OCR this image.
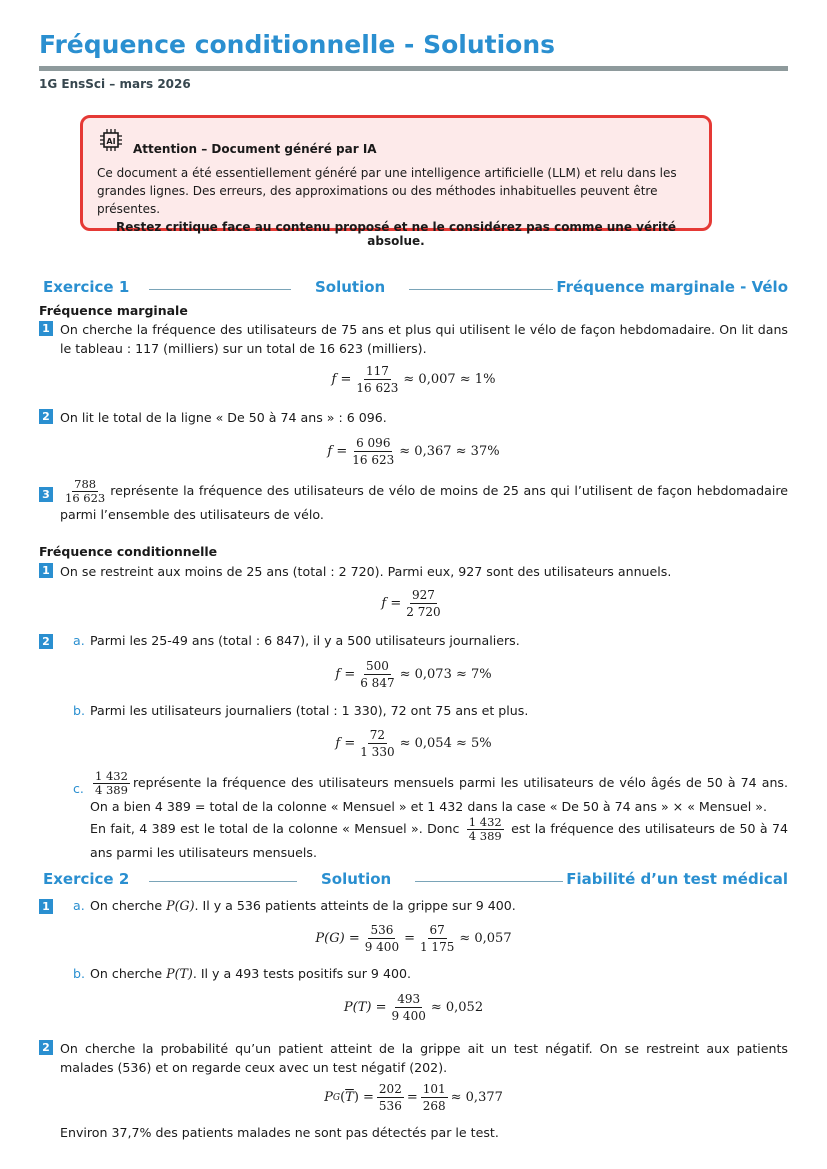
Fréquence conditionnelle - Solutions
1G EnsSci – mars 2026
AI
Attention – Document généré par IA
Ce document a été essentiellement généré par une intelligence artificielle (LLM) et relu dans les grandes lignes. Des erreurs, des approximations ou des méthodes inhabituelles peuvent être présentes.
Restez critique face au contenu proposé et ne le considérez pas comme une vérité absolue.
Exercice 1	Solution	Fréquence marginale - Vélo
Fréquence marginale
1 On cherche la fréquence des utilisateurs de 75 ans et plus qui utilisent le vélo de façon hebdomadaire. On lit dans le tableau : 117 (milliers) sur un total de 16 623 (milliers).
f
= $\frac{117}{16 623} \approx 0,007 \approx 1\%$
2 On lit le total de la ligne « De 50 à 74 ans » : 6 096.
f
= $\frac{6 096}{16 623} \approx 0,367 \approx 37\%$
$3 \frac{788}{16 623}$ représente la fréquence des utilisateurs de vélo de moins de 25 ans qui l’utilisent de façon hebdomadaire parmi l’ensemble des utilisateurs de vélo.
Fréquence conditionnelle
1 On se restreint aux moins de 25 ans (total : 2 720). Parmi eux, 927 sont des utilisateurs annuels.
f
= $\frac{927}{2 720}$
2 a. Parmi les 25-49 ans (total : 6 847), il y a 500 utilisateurs journaliers.
f
= $\frac{500}{6 847} \approx 0,073 \approx 7\%$
b. Parmi les utilisateurs journaliers (total : 1 330), 72 ont 75 ans et plus.
f
= $\frac{72}{1 330} \approx 0,054 \approx 5\%$
c. $\frac{1 432}{4 389}$ représente la fréquence des utilisateurs mensuels parmi les utilisateurs de vélo âgés de 50 à 74 ans. On a bien 4 389 = total de la colonne « Mensuel » et 1 432 dans la case « De 50 à 74 ans » × « Mensuel ».
En fait, 4 389 est le total de la colonne « Mensuel ». Donc $\frac{1 432}{4 389}$ est la fréquence des utilisateurs de 50 à 74 ans parmi les utilisateurs mensuels.
Exercice 2	Solution	Fiabilité d’un test médical
1 a. On cherche P(G). Il y a 536 patients atteints de la grippe sur 9 400.
$P(G) = \frac{536}{9 400} = \frac{67}{1 175} \approx 0,057$
b. On cherche P(T). Il y a 493 tests positifs sur 9 400.
$P(T) = \frac{493}{9 400} \approx 0,052$
2 On cherche la probabilité qu’un patient atteint de la grippe ait un test négatif. On se restreint aux patients malades (536) et on regarde ceux avec un test négatif (202).
P G ( $\overline{T}$ ) = $\frac{202}{536} = \frac{101}{268} \approx 0,377$
Environ 37,7% des patients malades ne sont pas détectés par le test.
